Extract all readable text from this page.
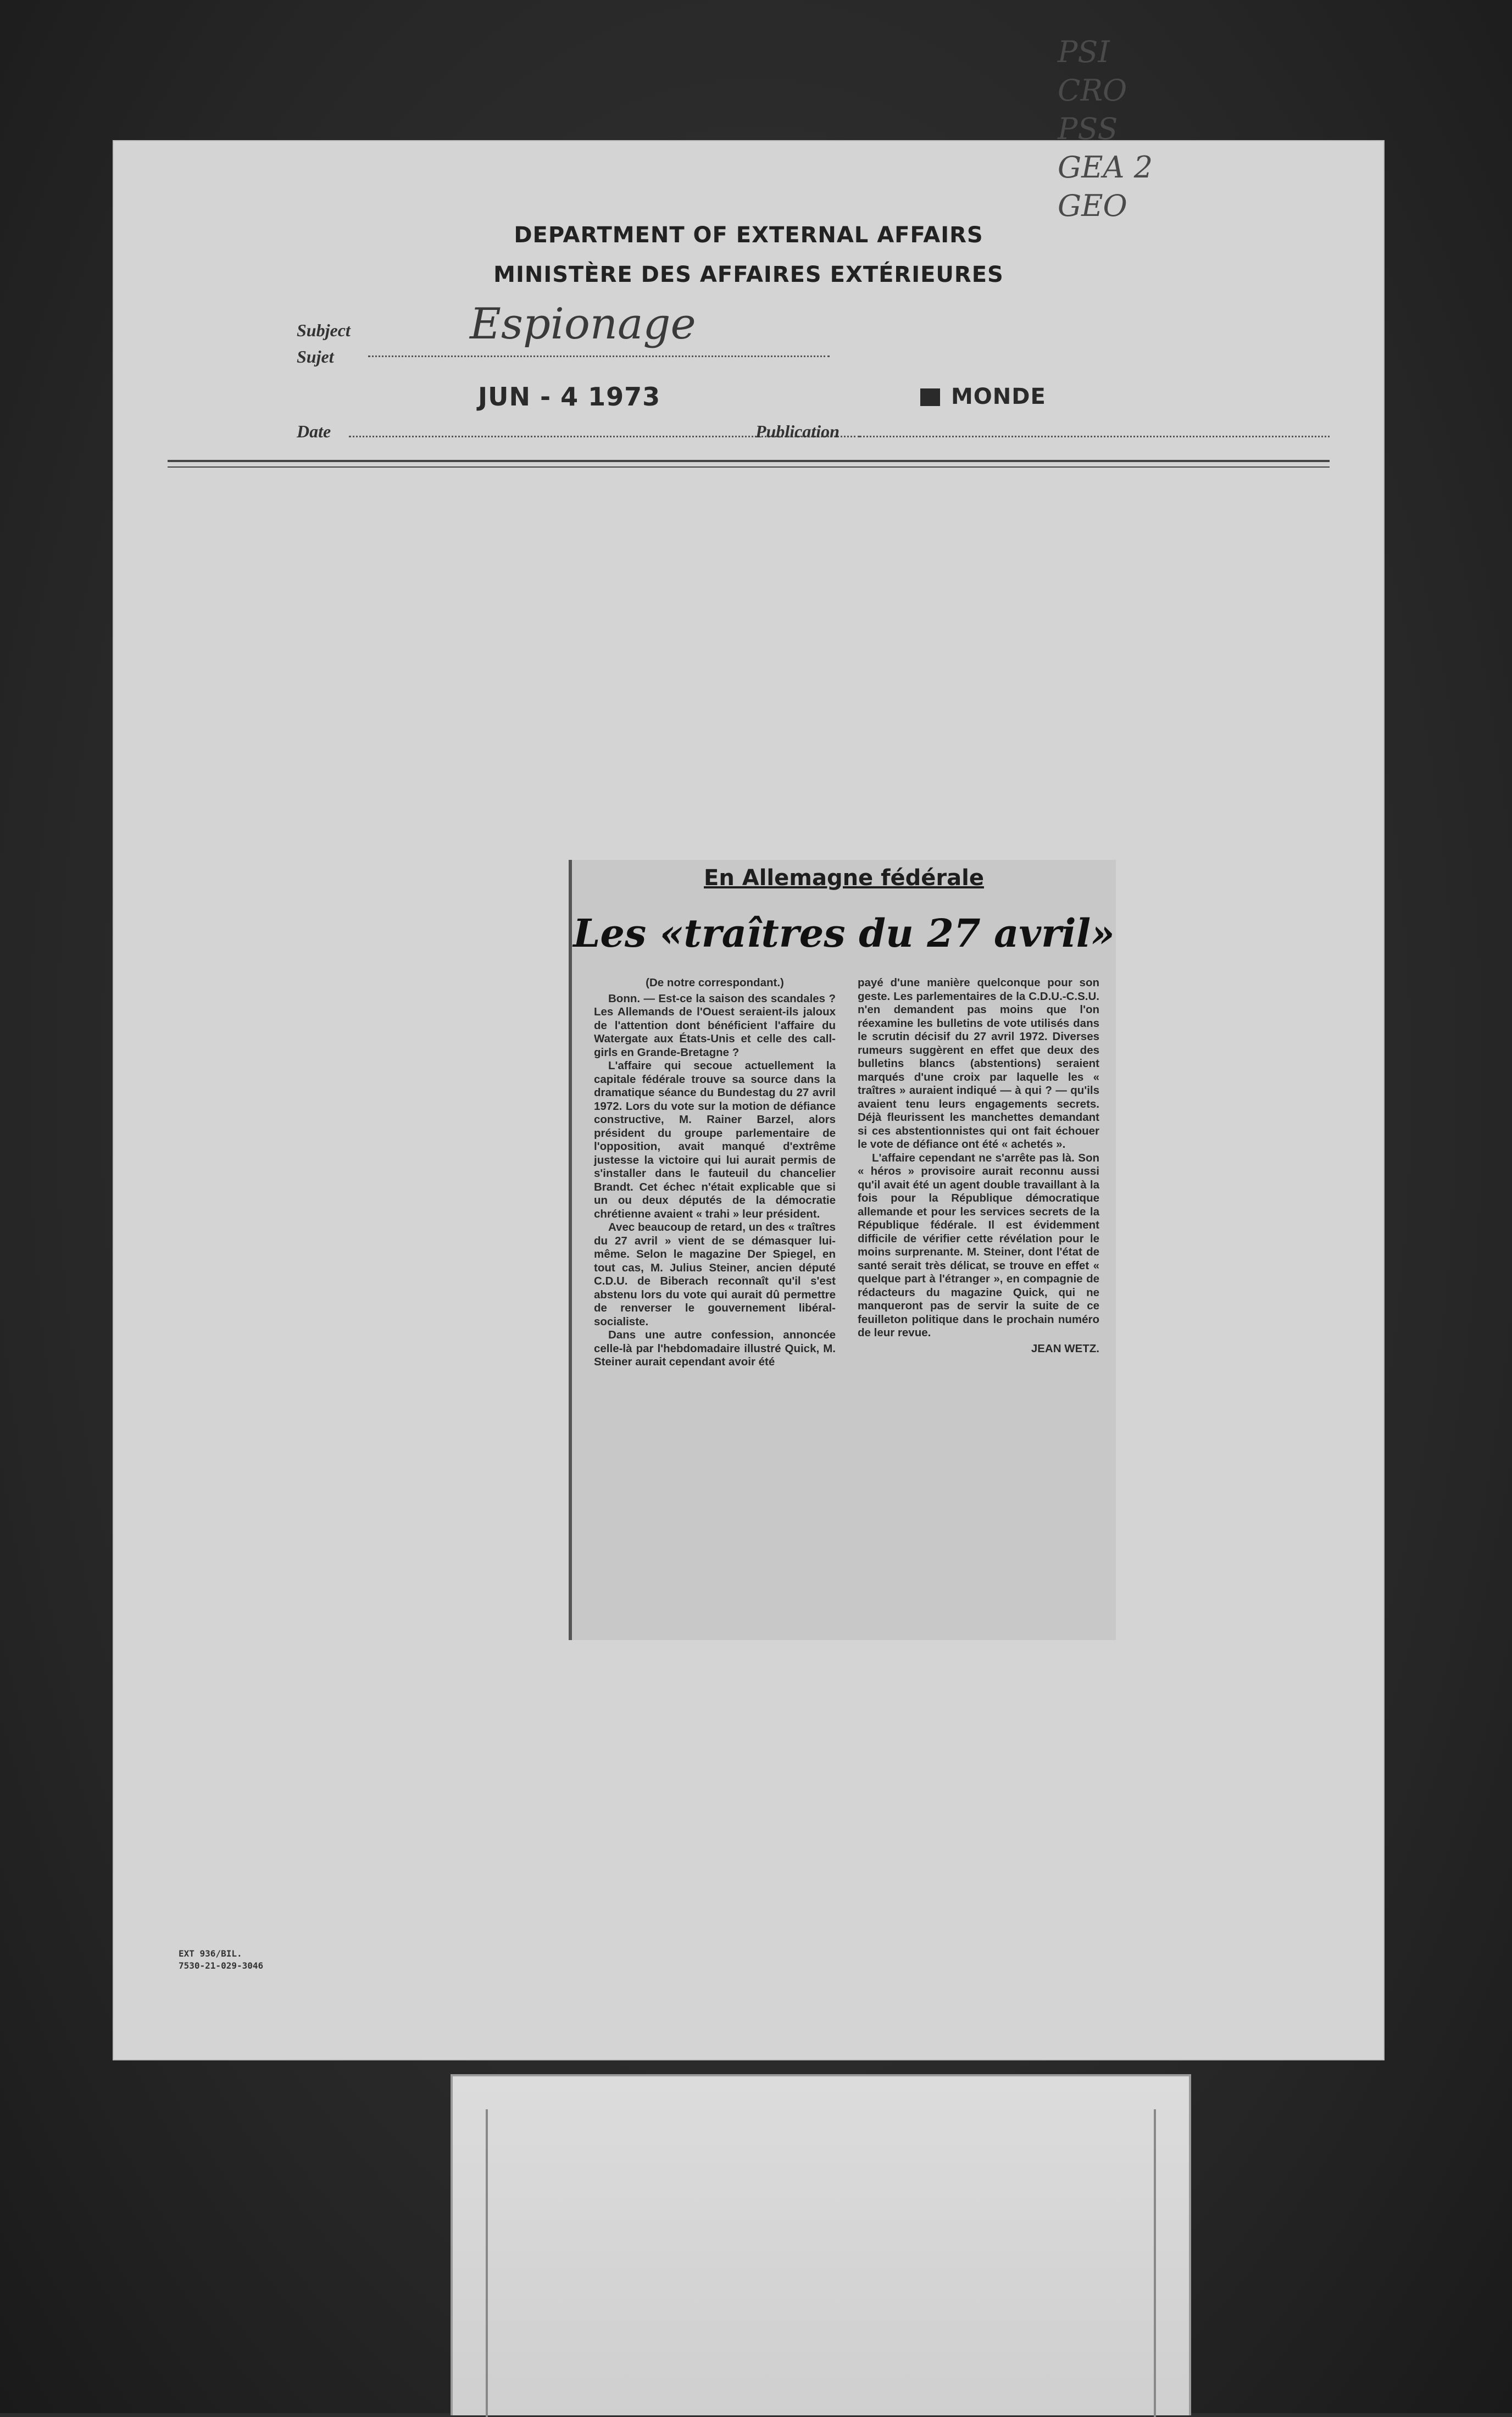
DEPARTMENT OF EXTERNAL AFFAIRS
MINISTÈRE DES AFFAIRES EXTÉRIEURES
Subject
Sujet
Espionage
JUN - 4 1973
Date	Publication
MONDE
EXT 936/BIL.
7530-21-029-3046
En Allemagne fédérale
Les «traîtres du 27 avril»

(De notre correspondant.)

Bonn. — Est-ce la saison des scandales ? Les Allemands de l'Ouest seraient-ils jaloux de l'attention dont bénéficient l'affaire du Watergate aux États-Unis et celle des call-girls en Grande-Bretagne ?

L'affaire qui secoue actuellement la capitale fédérale trouve sa source dans la dramatique séance du Bundestag du 27 avril 1972. Lors du vote sur la motion de défiance constructive, M. Rainer Barzel, alors président du groupe parlementaire de l'opposition, avait manqué d'extrême justesse la victoire qui lui aurait permis de s'installer dans le fauteuil du chancelier Brandt. Cet échec n'était explicable que si un ou deux députés de la démocratie chrétienne avaient « trahi » leur président.

Avec beaucoup de retard, un des « traîtres du 27 avril » vient de se démasquer lui-même. Selon le magazine Der Spiegel, en tout cas, M. Julius Steiner, ancien député C.D.U. de Biberach reconnaît qu'il s'est abstenu lors du vote qui aurait dû permettre de renverser le gouvernement libéral-socialiste.

Dans une autre confession, annoncée celle-là par l'hebdomadaire illustré Quick, M. Steiner aurait cependant avoir été

payé d'une manière quelconque pour son geste. Les parlementaires de la C.D.U.-C.S.U. n'en demandent pas moins que l'on réexamine les bulletins de vote utilisés dans le scrutin décisif du 27 avril 1972. Diverses rumeurs suggèrent en effet que deux des bulletins blancs (abstentions) seraient marqués d'une croix par laquelle les « traîtres » auraient indiqué — à qui ? — qu'ils avaient tenu leurs engagements secrets. Déjà fleurissent les manchettes demandant si ces abstentionnistes qui ont fait échouer le vote de défiance ont été « achetés ».

L'affaire cependant ne s'arrête pas là. Son « héros » provisoire aurait reconnu aussi qu'il avait été un agent double travaillant à la fois pour la République démocratique allemande et pour les services secrets de la République fédérale. Il est évidemment difficile de vérifier cette révélation pour le moins surprenante. M. Steiner, dont l'état de santé serait très délicat, se trouve en effet « quelque part à l'étranger », en compagnie de rédacteurs du magazine Quick, qui ne manqueront pas de servir la suite de ce feuilleton politique dans le prochain numéro de leur revue.

JEAN WETZ.

PSI
CRO
PSS
GEA 2
GEO
